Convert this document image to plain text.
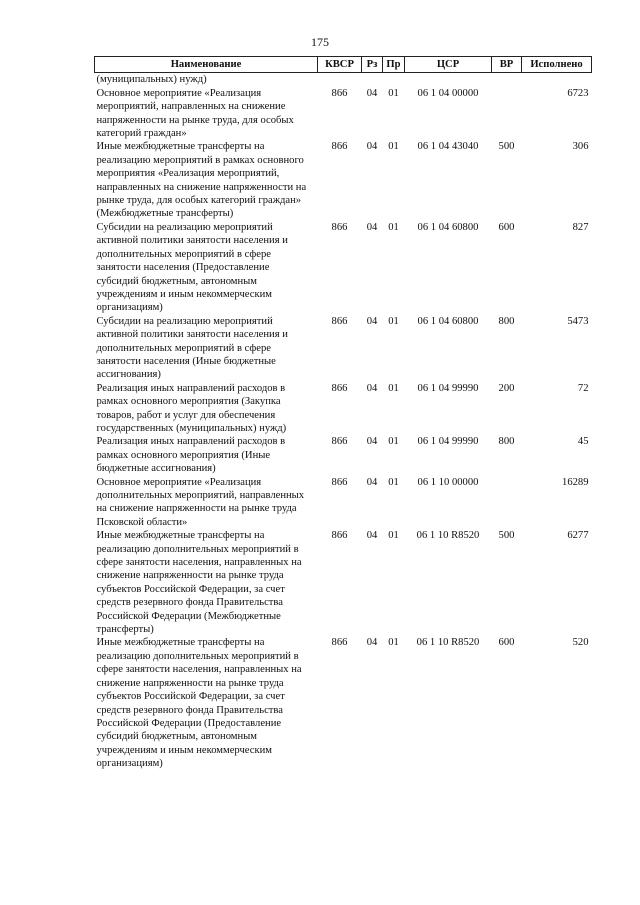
175
Наименование	КВСР	Рз	Пр	ЦСР	ВР	Исполнено
(муниципальных) нужд)						
Основное мероприятие «Реализация мероприятий, направленных на снижение напряженности на рынке труда, для особых категорий граждан»	866	04	01	06 1 04 00000		6723
Иные межбюджетные трансферты на реализацию мероприятий в рамках основного мероприятия «Реализация мероприятий, направленных на снижение напряженности на рынке труда, для особых категорий граждан» (Межбюджетные трансферты)	866	04	01	06 1 04 43040	500	306
Субсидии на реализацию мероприятий активной политики занятости населения и дополнительных мероприятий в сфере занятости населения (Предоставление субсидий бюджетным, автономным учреждениям и иным некоммерческим организациям)	866	04	01	06 1 04 60800	600	827
Субсидии на реализацию мероприятий активной политики занятости населения и дополнительных мероприятий в сфере занятости населения (Иные бюджетные ассигнования)	866	04	01	06 1 04 60800	800	5473
Реализация иных направлений расходов в рамках основного мероприятия (Закупка товаров, работ и услуг для обеспечения государственных (муниципальных) нужд)	866	04	01	06 1 04 99990	200	72
Реализация иных направлений расходов в рамках основного мероприятия (Иные бюджетные ассигнования)	866	04	01	06 1 04 99990	800	45
Основное мероприятие «Реализация дополнительных мероприятий, направленных на снижение напряженности на рынке труда Псковской области»	866	04	01	06 1 10 00000		16289
Иные межбюджетные трансферты на реализацию дополнительных мероприятий в сфере занятости населения, направленных на снижение напряженности на рынке труда субъектов Российской Федерации, за счет средств резервного фонда Правительства Российской Федерации (Межбюджетные трансферты)	866	04	01	06 1 10 R8520	500	6277
Иные межбюджетные трансферты на реализацию дополнительных мероприятий в сфере занятости населения, направленных на снижение напряженности на рынке труда субъектов Российской Федерации, за счет средств резервного фонда Правительства Российской Федерации (Предоставление субсидий бюджетным, автономным учреждениям и иным некоммерческим организациям)	866	04	01	06 1 10 R8520	600	520
